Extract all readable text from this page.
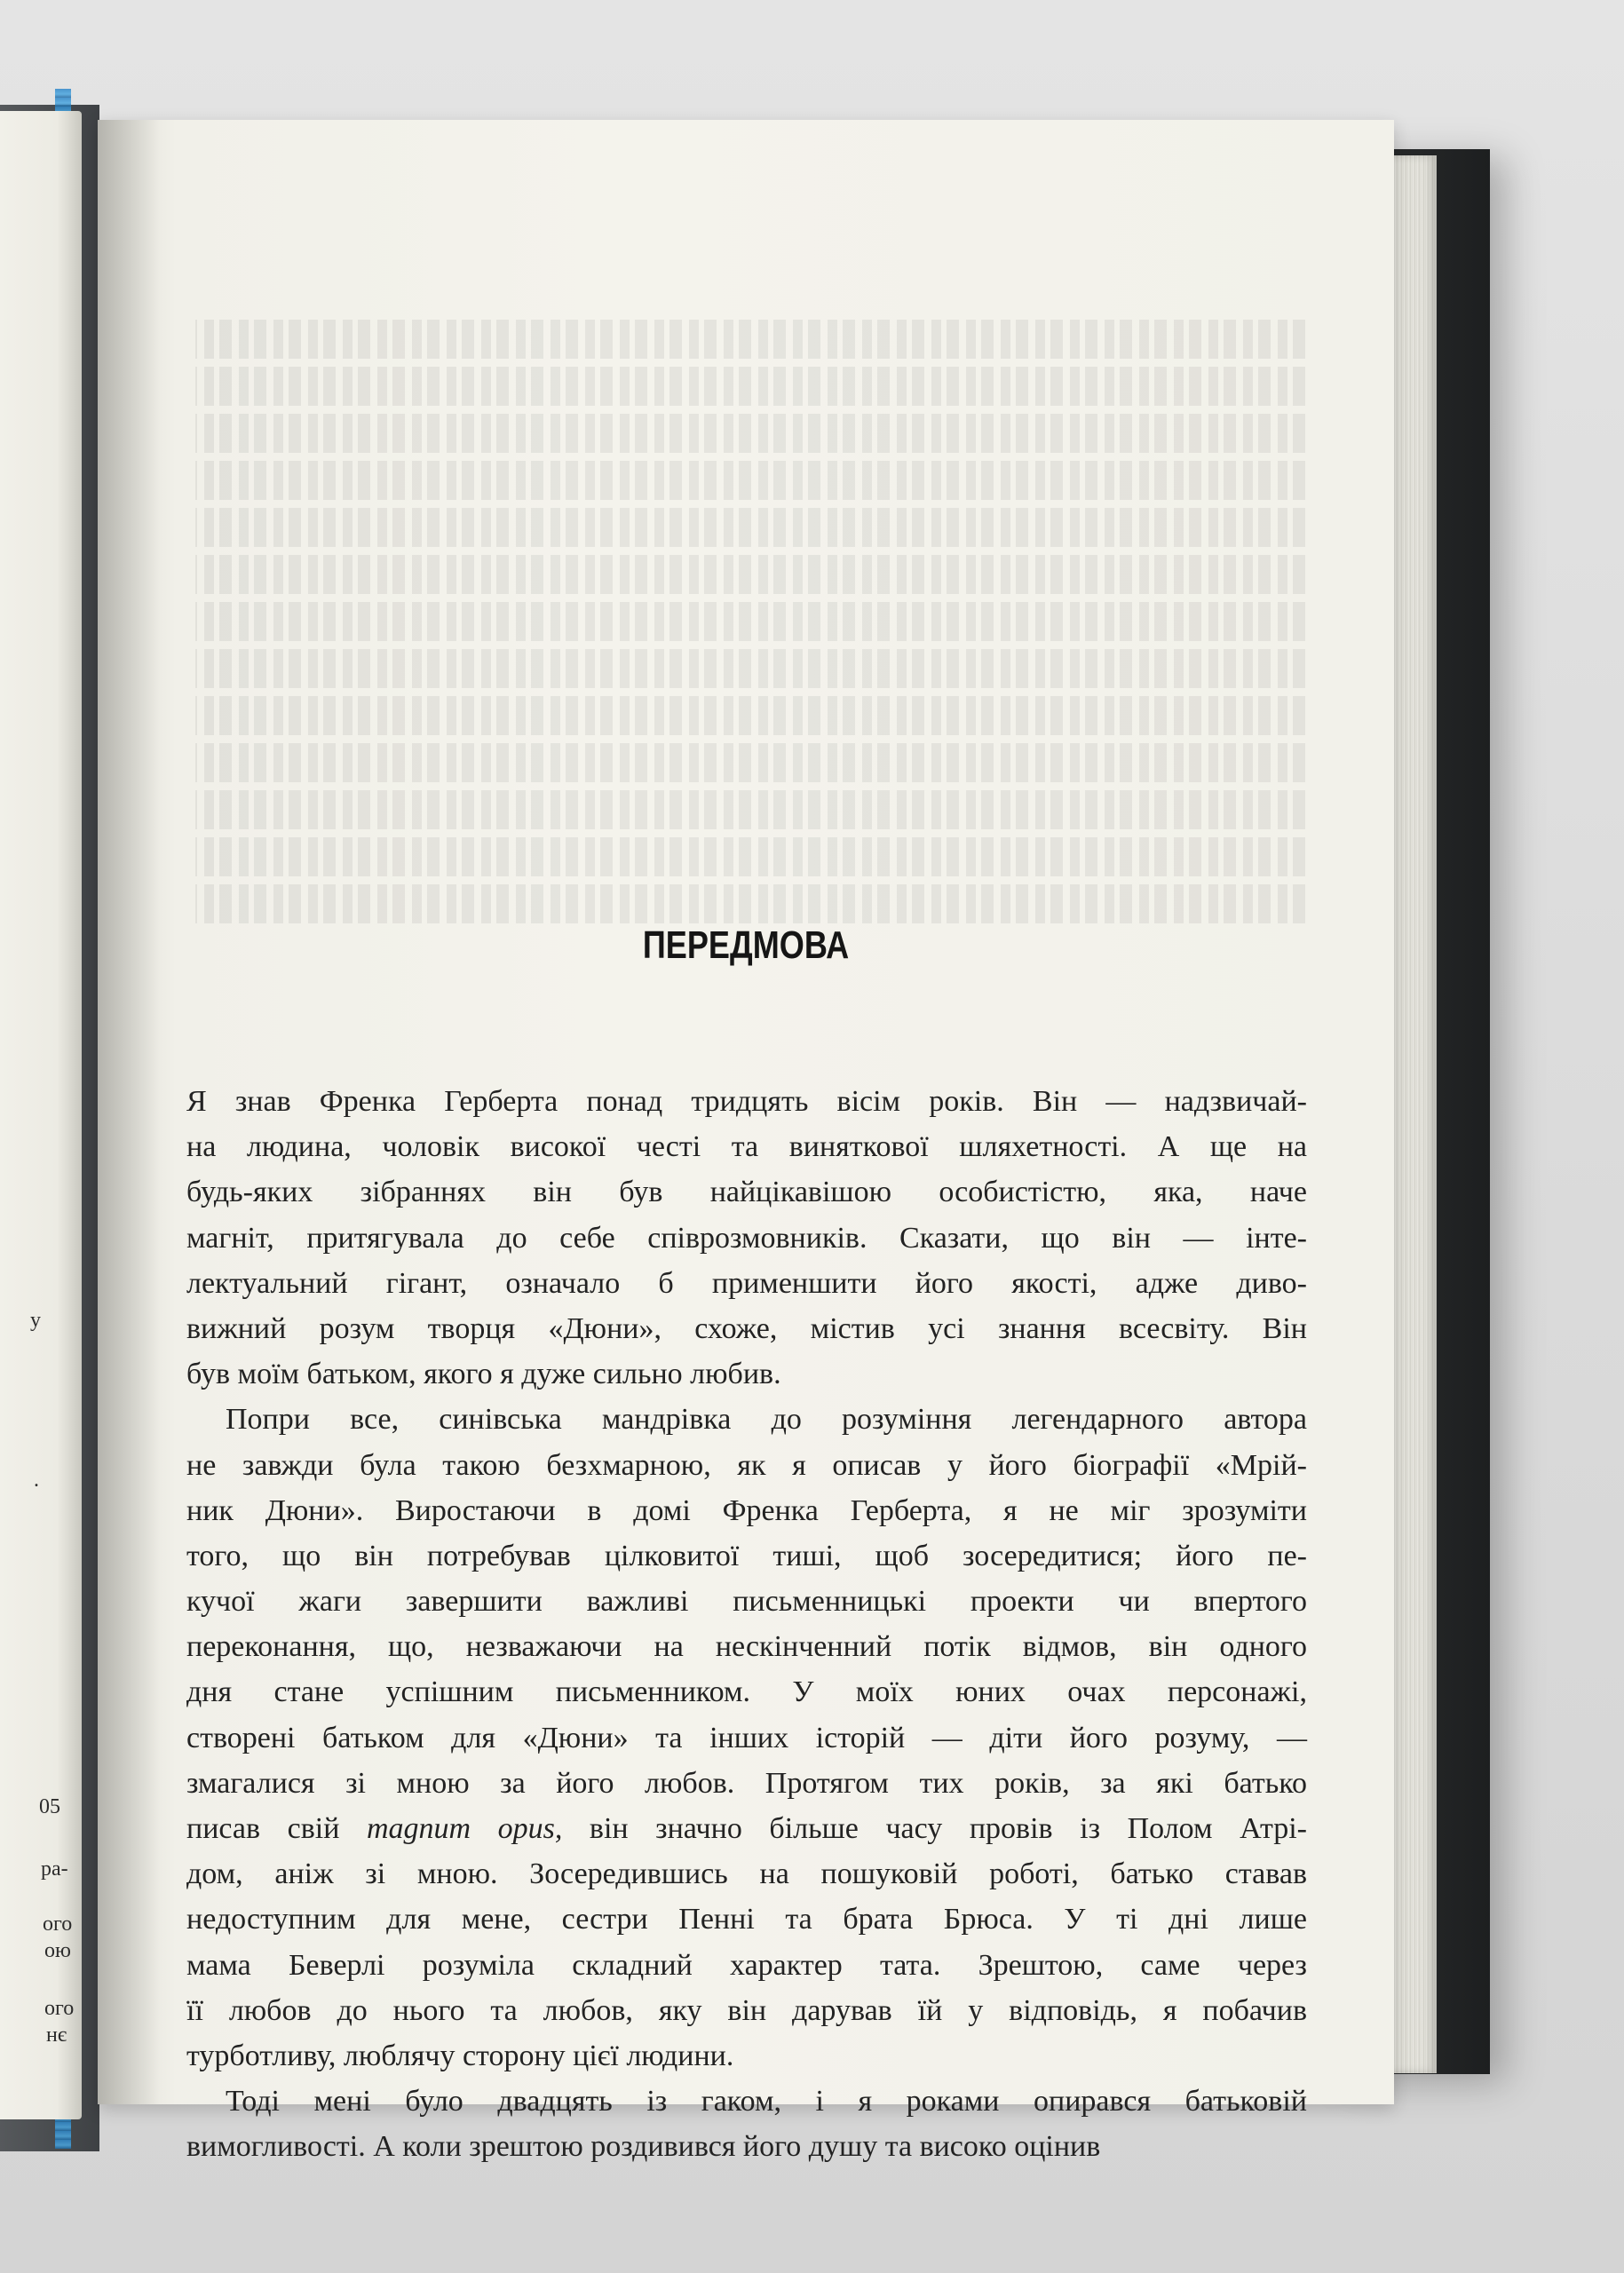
у
.
05
ра-
ого
ою
ого
нє
ПЕРЕДМОВА
Я знав Френка Герберта понад тридцять вісім років. Він — надзвичай-
на людина, чоловік високої честі та виняткової шляхетності. А ще на
будь-яких зібраннях він був найцікавішою особистістю, яка, наче
магніт, притягувала до себе співрозмовників. Сказати, що він — інте-
лектуальний гігант, означало б применшити його якості, адже диво-
вижний розум творця «Дюни», схоже, містив усі знання всесвіту. Він
був моїм батьком, якого я дуже сильно любив.
Попри все, синівська мандрівка до розуміння легендарного автора
не завжди була такою безхмарною, як я описав у його біографії «Мрій-
ник Дюни». Виростаючи в домі Френка Герберта, я не міг зрозуміти
того, що він потребував цілковитої тиші, щоб зосередитися; його пе-
кучої жаги завершити важливі письменницькі проекти чи впертого
переконання, що, незважаючи на нескінченний потік відмов, він одного
дня стане успішним письменником. У моїх юних очах персонажі,
створені батьком для «Дюни» та інших історій — діти його розуму, —
змагалися зі мною за його любов. Протягом тих років, за які батько
писав свій magnum opus, він значно більше часу провів із Полом Атрі-
дом, аніж зі мною. Зосередившись на пошуковій роботі, батько ставав
недоступним для мене, сестри Пенні та брата Брюса. У ті дні лише
мама Беверлі розуміла складний характер тата. Зрештою, саме через
її любов до нього та любов, яку він дарував їй у відповідь, я побачив
турботливу, люблячу сторону цієї людини.
Тоді мені було двадцять із гаком, і я роками опирався батьковій
вимогливості. А коли зрештою роздивився його душу та високо оцінив
